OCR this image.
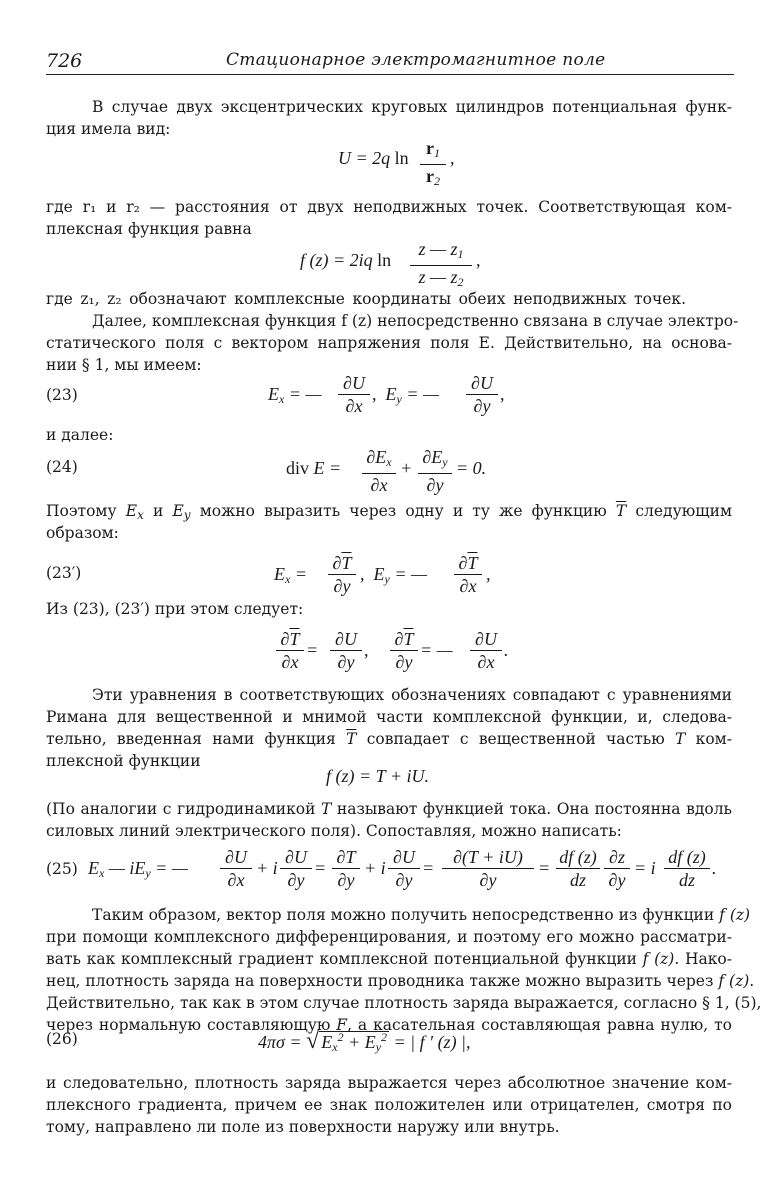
726	Стационарное электромагнитное поле
В случае двух эксцентрических круговых цилиндров потенциальная функ-
ция имела вид:
U = 2q $\ln \frac{r_1}{r_2}$ ,
где r₁ и r₂ — расстояния от двух неподвижных точек. Соответствующая ком-
плексная функция равна
f (z) = 2iq $\ln \frac{z — z_1}{z — z_2}$ ,
где z₁, z₂ обозначают комплексные координаты обеих неподвижных точек.
Далее, комплексная функция f (z) непосредственно связана в случае электро-
статического поля с вектором напряжения поля E. Действительно, на основа-
нии § 1, мы имеем:
(23)	$E_x$ = — $\frac{\partial U}{\partial x}$ ,  $E_y$ = — $\frac{\partial U}{\partial y}$ ,
и далее:
(24)	div $E = \frac{\partial E_x}{\partial x} + \frac{\partial E_y}{\partial y} = 0$.
Поэтому $E_x$ и $E_y$ можно выразить через одну и ту же функцию $\overline{T}$ следующим
образом:
(23′)	$E_x = \frac{\partial\overline{T}}{\partial y}$ ,  $E_y$ = — $\frac{\partial\overline{T}}{\partial x}$ ,
Из (23), (23′) при этом следует:
$\frac{\partial\overline{T}}{\partial x} = \frac{\partial U}{\partial y}$ , $\frac{\partial\overline{T}}{\partial y}$ = — $\frac{\partial U}{\partial x}$ .
Эти уравнения в соответствующих обозначениях совпадают с уравнениями
Римана для вещественной и мнимой части комплексной функции, и, следова-
тельно, введенная нами функция $\overline{T}$ совпадает с вещественной частью T ком-
плексной функции
f (z) = T + iU.
(По аналогии с гидродинамикой T называют функцией тока. Она постоянна вдоль
силовых линий электрического поля). Сопоставляя, можно написать:
(25) $E_x$ — $iE_y$ = — $\frac{\partial U}{\partial x} + i \frac{\partial U}{\partial y} = \frac{\partial T}{\partial y} + i \frac{\partial U}{\partial y} = \frac{\partial(T + iU)}{\partial y} = \frac{df (z)}{dz} \frac{\partial z}{\partial y} = i \frac{df (z)}{dz}$ .
Таким образом, вектор поля можно получить непосредственно из функции f (z)
при помощи комплексного дифференцирования, и поэтому его можно рассматри-
вать как комплексный градиент комплексной потенциальной функции f (z). Нако-
нец, плотность заряда на поверхности проводника также можно выразить через f (z).
Действительно, так как в этом случае плотность заряда выражается, согласно § 1, (5),
через нормальную составляющую F, а касательная составляющая равна нулю, то
(26)	4πσ = √ $E_x^2 + E_y^2$ = | f ′ (z) |,
и следовательно, плотность заряда выражается через абсолютное значение ком-
плексного градиента, причем ее знак положителен или отрицателен, смотря по
тому, направлено ли поле из поверхности наружу или внутрь.
